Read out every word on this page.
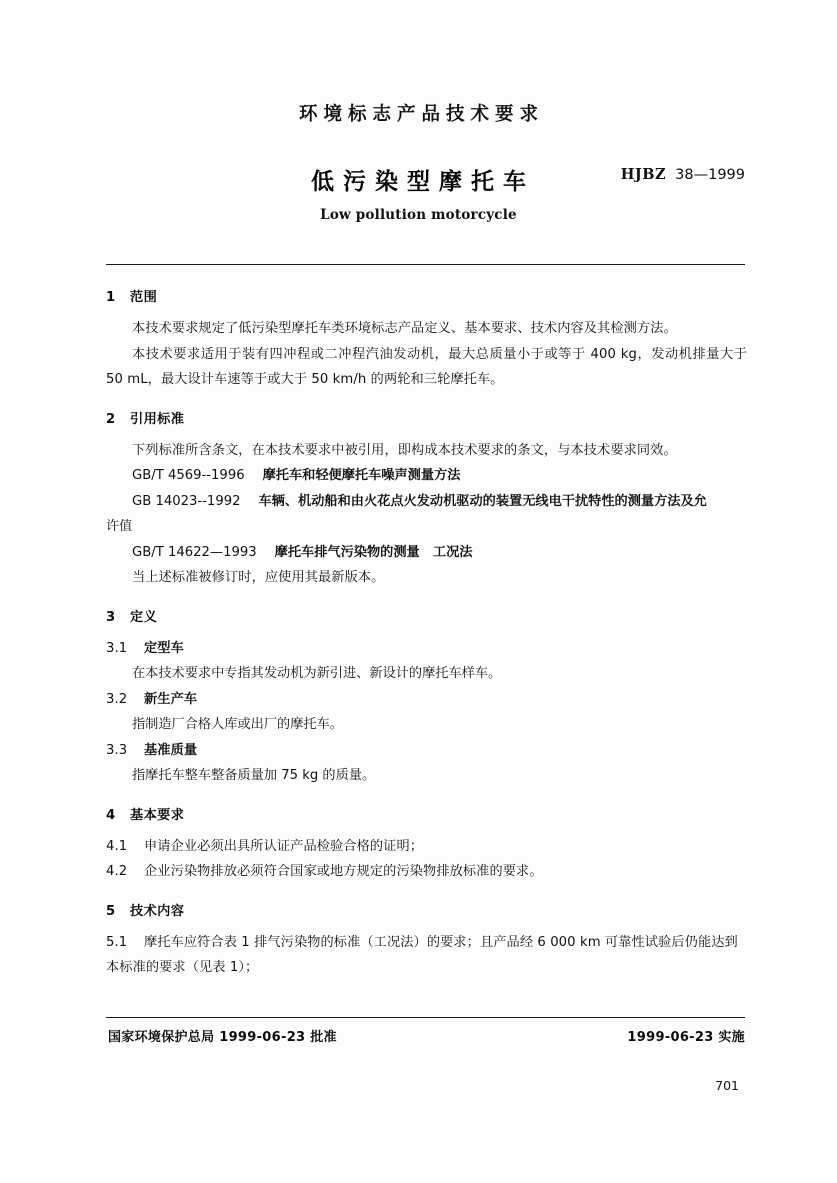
环境标志产品技术要求
低污染型摩托车	HJBZ 38—1999
Low pollution motorcycle
1 范围

本技术要求规定了低污染型摩托车类环境标志产品定义、基本要求、技术内容及其检测方法。

本技术要求适用于装有四冲程或二冲程汽油发动机，最大总质量小于或等于 400 kg，发动机排量大于 50 mL，最大设计车速等于或大于 50 km/h 的两轮和三轮摩托车。

2 引用标准

下列标准所含条文，在本技术要求中被引用，即构成本技术要求的条文，与本技术要求同效。

GB/T 4569--1996 摩托车和轻便摩托车噪声测量方法

GB 14023--1992 车辆、机动船和由火花点火发动机驱动的装置无线电干扰特性的测量方法及允

许值

GB/T 14622—1993 摩托车排气污染物的测量　工况法

当上述标准被修订时，应使用其最新版本。

3 定义

3.1 定型车

在本技术要求中专指其发动机为新引进、新设计的摩托车样车。

3.2 新生产车

指制造厂合格人库或出厂的摩托车。

3.3 基准质量

指摩托车整车整备质量加 75 kg 的质量。

4 基本要求

4.1 申请企业必须出具所认证产品检验合格的证明；

4.2 企业污染物排放必须符合国家或地方规定的污染物排放标准的要求。

5 技术内容

5.1 摩托车应符合表 1 排气污染物的标准（工况法）的要求；且产品经 6 000 km 可靠性试验后仍能达到本标准的要求（见表 1）；

国家环境保护总局 1999-06-23 批准	1999-06-23 实施
701
